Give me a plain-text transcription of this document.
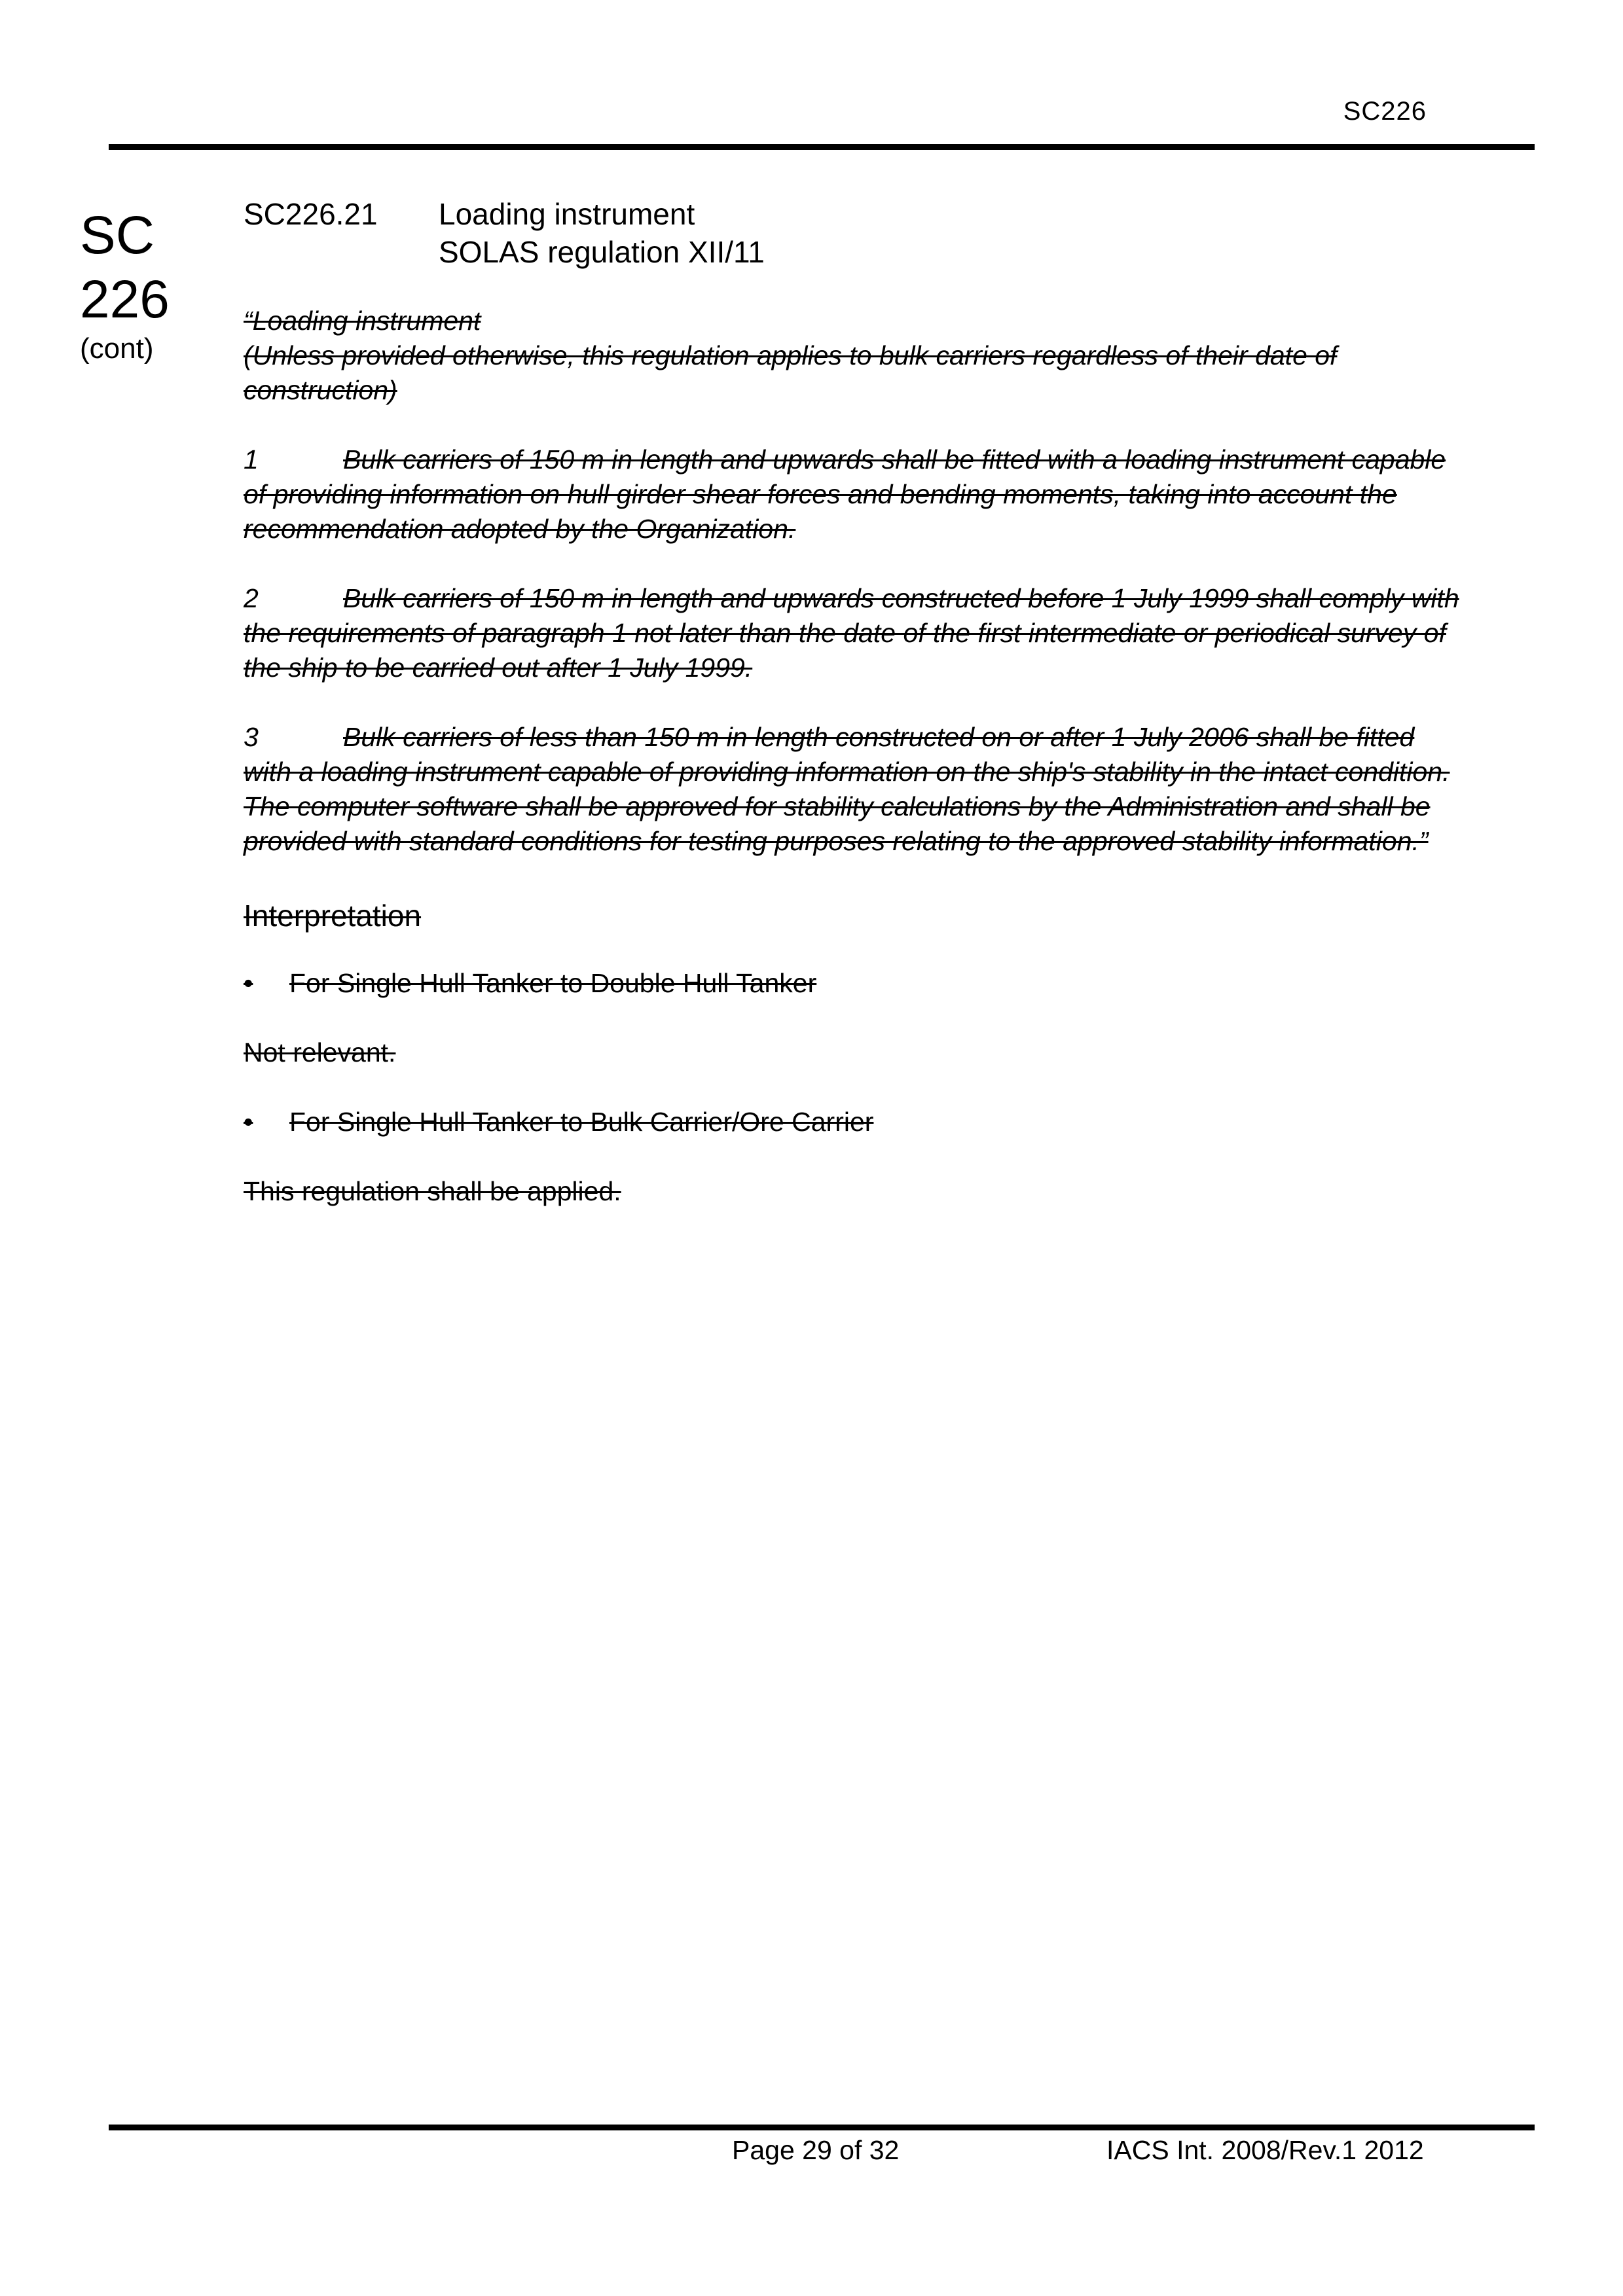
SC226
SC
226
(cont)
SC226.21 Loading instrument
SOLAS regulation XII/11

“Loading instrument

(Unless provided otherwise, this regulation applies to bulk carriers regardless of their date of construction)

1	Bulk carriers of 150 m in length and upwards shall be fitted with a loading instrument capable of providing information on hull girder shear forces and bending moments, taking into account the recommendation adopted by the Organization.

2	Bulk carriers of 150 m in length and upwards constructed before 1 July 1999 shall comply with the requirements of paragraph 1 not later than the date of the first intermediate or periodical survey of the ship to be carried out after 1 July 1999.

3	Bulk carriers of less than 150 m in length constructed on or after 1 July 2006 shall be fitted with a loading instrument capable of providing information on the ship's stability in the intact condition. The computer software shall be approved for stability calculations by the Administration and shall be provided with standard conditions for testing purposes relating to the approved stability information.”

Interpretation

•	For Single Hull Tanker to Double Hull Tanker

Not relevant.

•	For Single Hull Tanker to Bulk Carrier/Ore Carrier

This regulation shall be applied.

Page 29 of 32	IACS Int. 2008/Rev.1 2012
